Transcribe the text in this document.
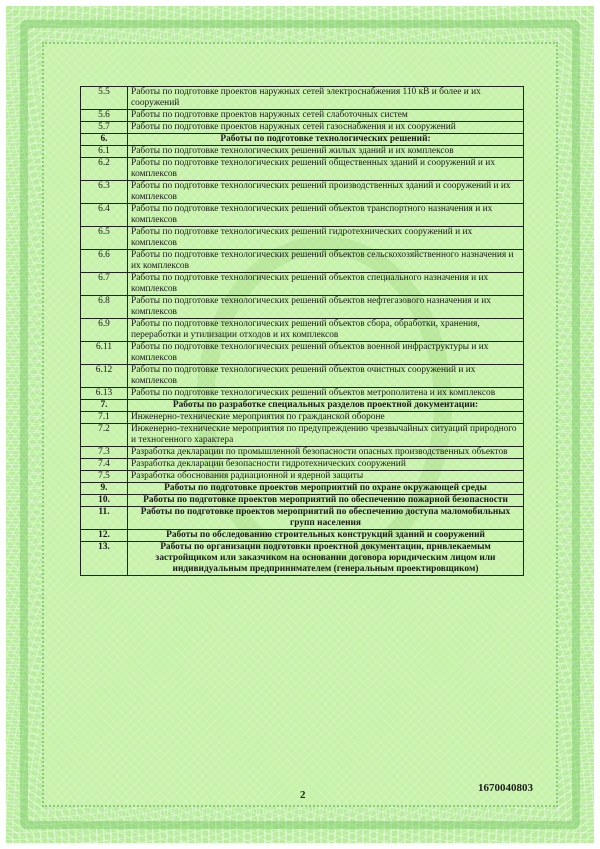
5.5	Работы по подготовке проектов наружных сетей электроснабжения 110 кВ и более и их сооружений
5.6	Работы по подготовке проектов наружных сетей слаботочных систем
5.7	Работы по подготовке проектов наружных сетей газоснабжения и их сооружений
6.	Работы по подготовке технологических решений:
6.1	Работы по подготовке технологических решений жилых зданий и их комплексов
6.2	Работы по подготовке технологических решений общественных зданий и сооружений и их комплексов
6.3	Работы по подготовке технологических решений производственных зданий и сооружений и их комплексов
6.4	Работы по подготовке технологических решений объектов транспортного назначения и их комплексов
6.5	Работы по подготовке технологических решений гидротехнических сооружений и их комплексов
6.6	Работы по подготовке технологических решений объектов сельскохозяйственного назначения и их комплексов
6.7	Работы по подготовке технологических решений объектов специального назначения и их комплексов
6.8	Работы по подготовке технологических решений объектов нефтегазового назначения и их комплексов
6.9	Работы по подготовке технологических решений объектов сбора, обработки, хранения, переработки и утилизации отходов и их комплексов
6.11	Работы по подготовке технологических решений объектов военной инфраструктуры и их комплексов
6.12	Работы по подготовке технологических решений объектов очистных сооружений и их комплексов
6.13	Работы по подготовке технологических решений объектов метрополитена и их комплексов
7.	Работы по разработке специальных разделов проектной документации:
7.1	Инженерно-технические мероприятия по гражданской обороне
7.2	Инженерно-технические мероприятия по предупреждению чрезвычайных ситуаций природного и техногенного характера
7.3	Разработка декларации по промышленной безопасности опасных производственных объектов
7.4	Разработка декларации безопасности гидротехнических сооружений
7.5	Разработка обоснования радиационной и ядерной защиты
9.	Работы по подготовке проектов мероприятий по охране окружающей среды
10.	Работы по подготовке проектов мероприятий по обеспечению пожарной безопасности
11.	Работы по подготовке проектов мероприятий по обеспечению доступа маломобильных групп населения
12.	Работы по обследованию строительных конструкций зданий и сооружений
13.	Работы по организации подготовки проектной документации, привлекаемым застройщиком или заказчиком на основании договора юридическим лицом или индивидуальным предпринимателем (генеральным проектировщиком)
2
1670040803
